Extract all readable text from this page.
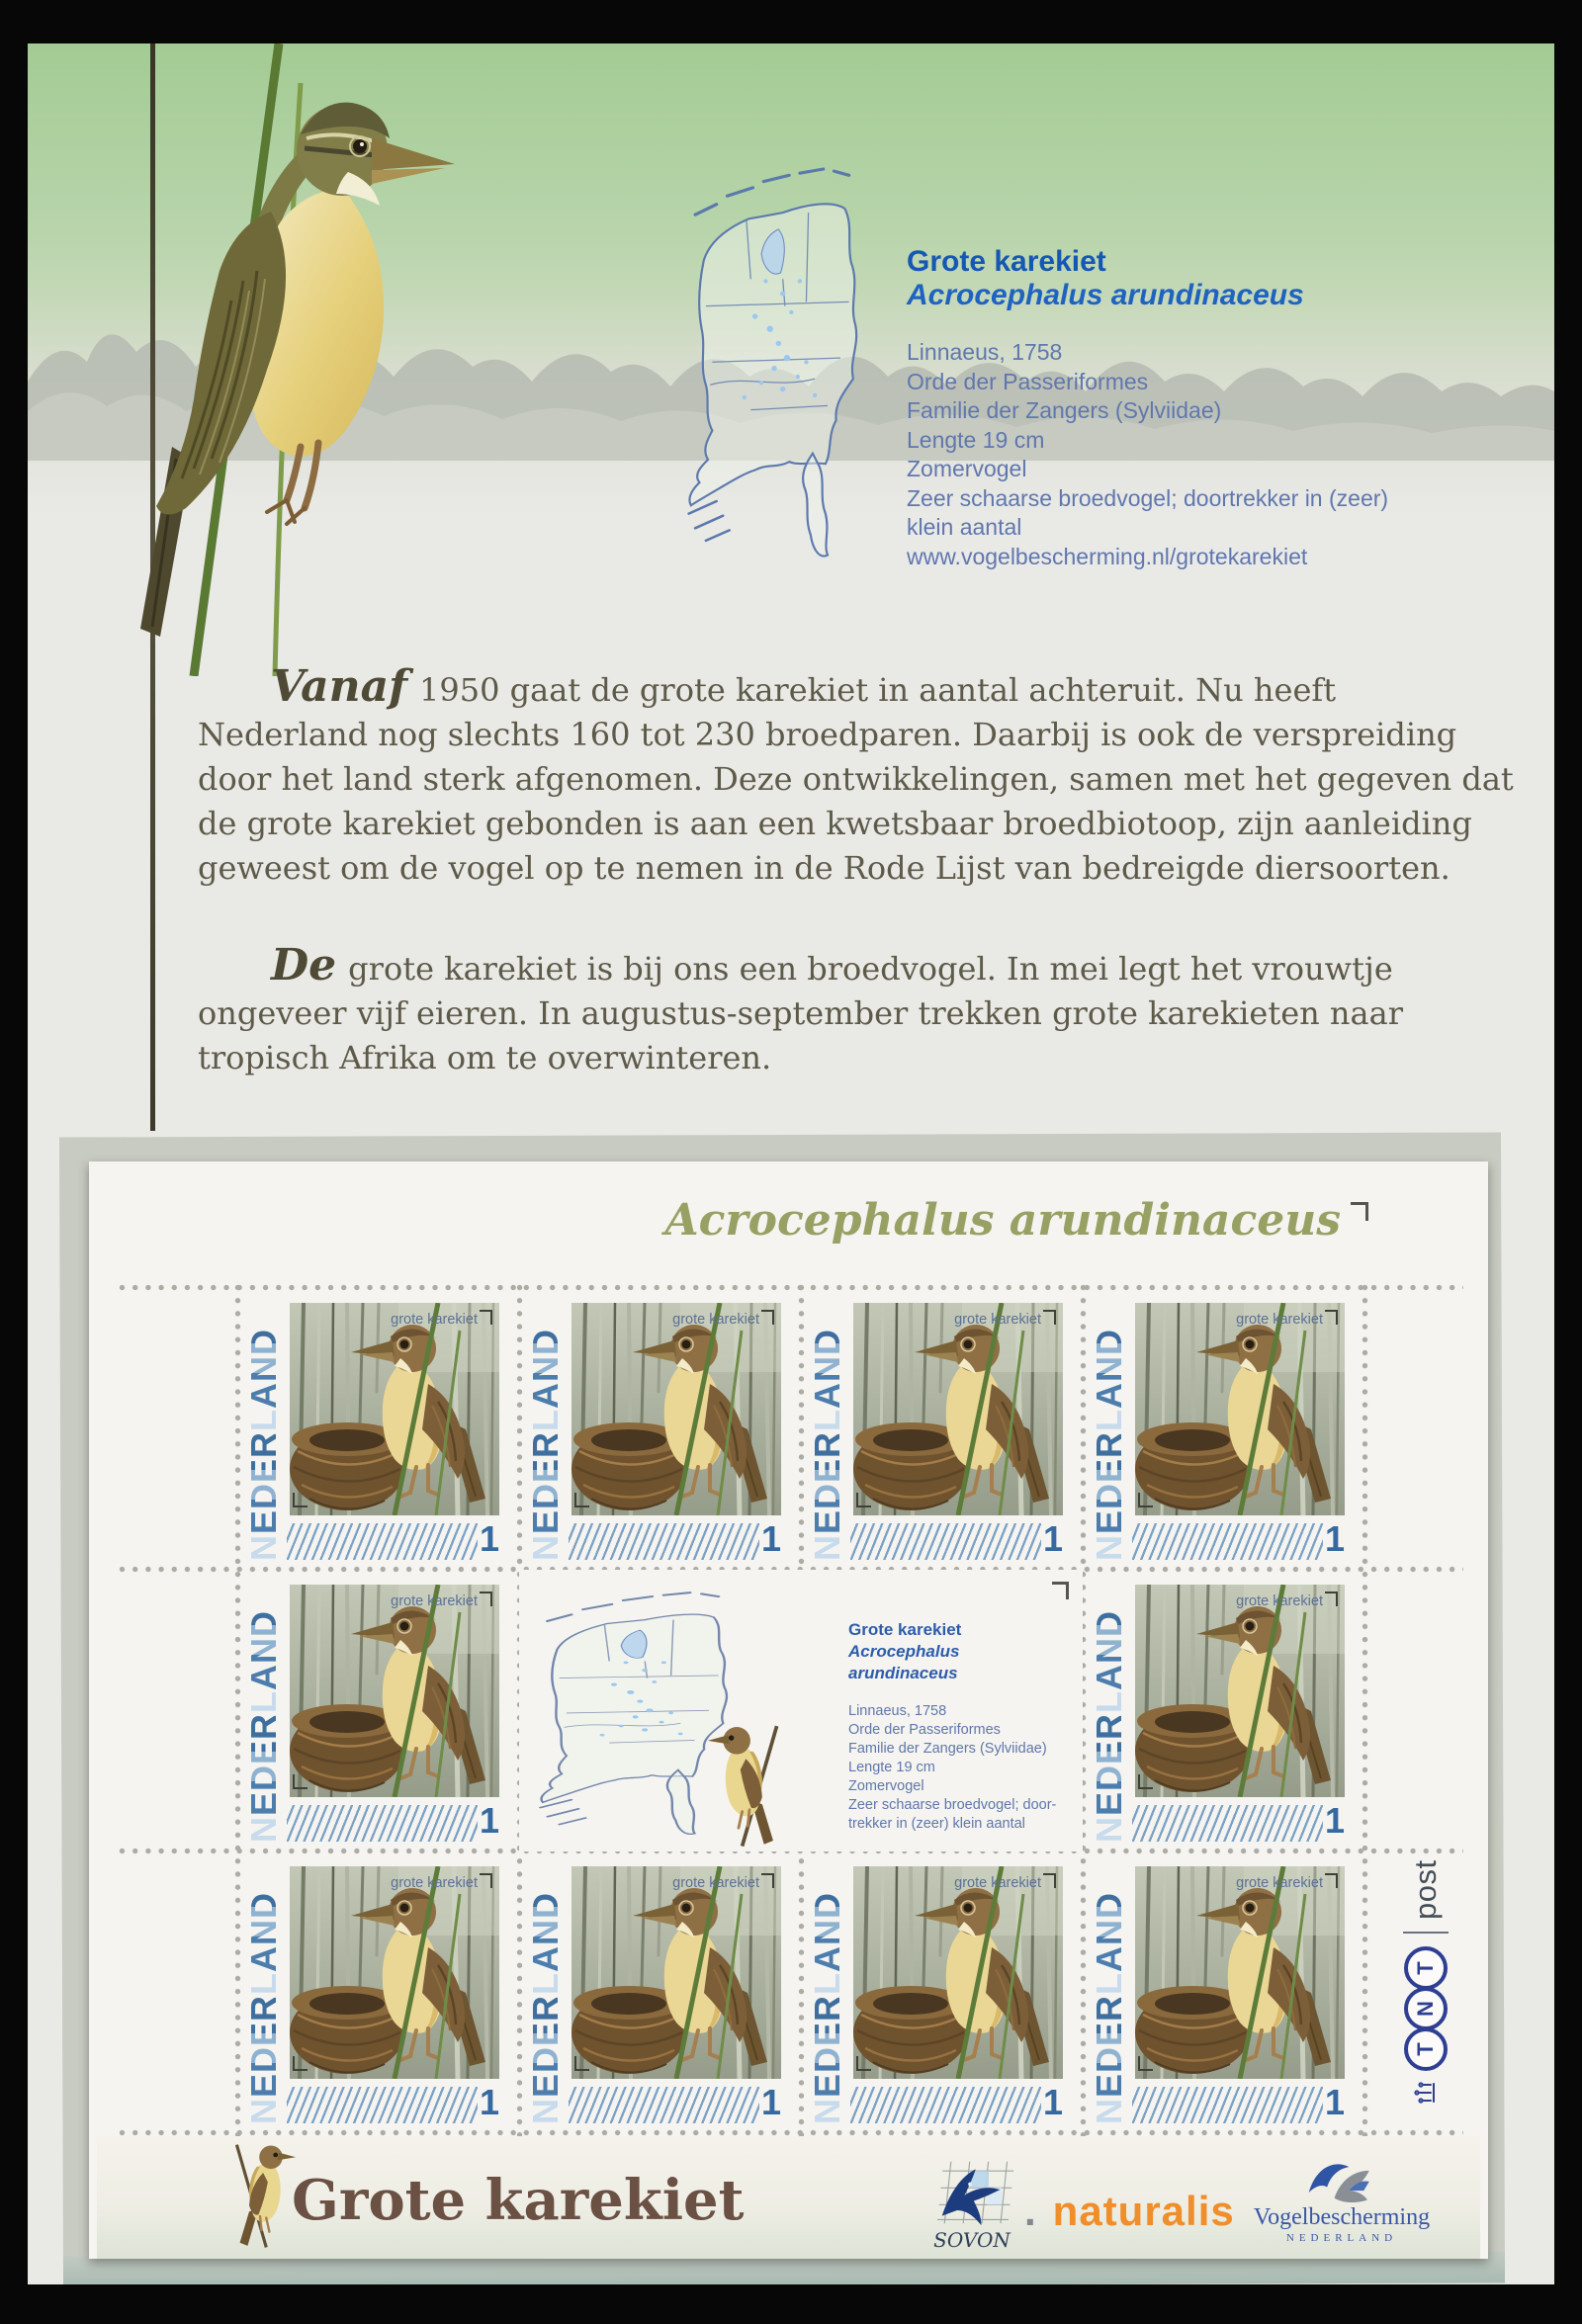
Grote karekiet
Acrocephalus arundinaceus
Linnaeus, 1758
Orde der Passeriformes
Familie der Zangers (Sylviidae)
Lengte 19 cm
Zomervogel
Zeer schaarse broedvogel; doortrekker in (zeer)
klein aantal
www.vogelbescherming.nl/grotekarekiet
Vanaf 1950 gaat de grote karekiet in aantal achteruit. Nu heeft Nederland nog slechts 160 tot 230 broedparen. Daarbij is ook de verspreiding door het land sterk afgenomen. Deze ontwikkelingen, samen met het gegeven dat de grote karekiet gebonden is aan een kwetsbaar broedbiotoop, zijn aanleiding geweest om de vogel op te nemen in de Rode Lijst van bedreigde diersoorten.
De grote karekiet is bij ons een broedvogel. In mei legt het vrouwtje ongeveer vijf eieren. In augustus-september trekken grote karekieten naar tropisch Afrika om te overwinteren.
Acrocephalus arundinaceus
NEDERLAND
grote karekiet
1 NEDERLAND
grote karekiet
1 NEDERLAND
grote karekiet
1 NEDERLAND
grote karekiet
1
NEDERLAND
grote karekiet
1
Grote karekiet
Acrocephalus arundinaceus
Linnaeus, 1758
Orde der Passeriformes
Familie der Zangers (Sylviidae)
Lengte 19 cm
Zomervogel
Zeer schaarse broedvogel; door-
trekker in (zeer) klein aantal	NEDERLAND
grote karekiet
1
NEDERLAND
grote karekiet
1 NEDERLAND
grote karekiet
1 NEDERLAND
grote karekiet
1 NEDERLAND
grote karekiet
1
T
N
T
post
Grote karekiet
SOVON
. naturalis Vogelbescherming
NEDERLAND
